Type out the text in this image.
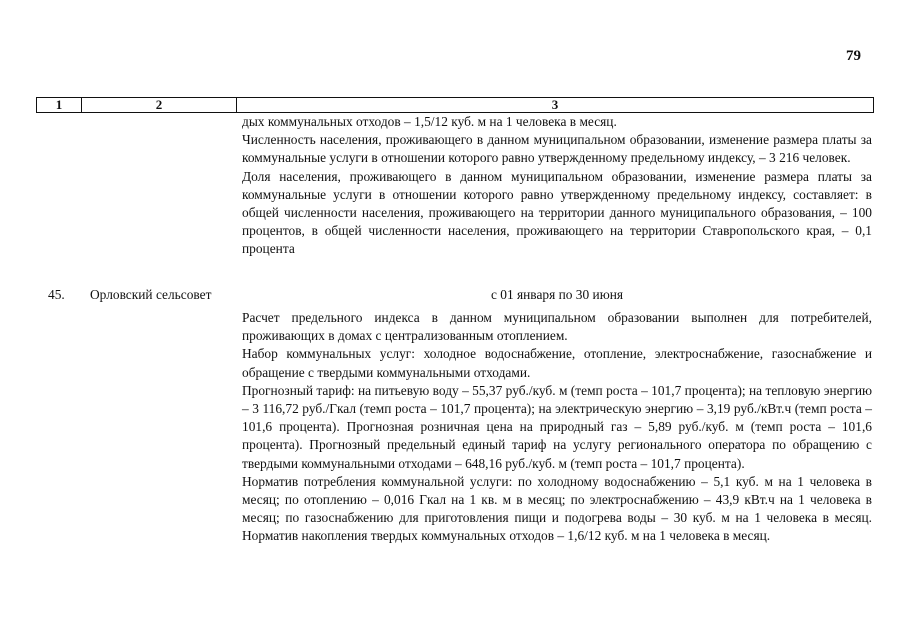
79
1	2	3

дых коммунальных отходов – 1,5/12 куб. м на 1 человека в месяц.

Численность населения, проживающего в данном муниципальном образовании, изменение размера платы за коммунальные услуги в отношении которого равно утвержденному предельному индексу, – 3 216 человек.

Доля населения, проживающего в данном муниципальном образовании, изменение размера платы за коммунальные услуги в отношении которого равно утвержденному предельному индексу, составляет: в общей численности населения, проживающего на территории данного муниципального образования, – 100 процентов, в общей численности населения, проживающего на территории Ставропольского края, – 0,1 процента

45. Орловский сельсовет	с 01 января по 30 июня

Расчет предельного индекса в данном муниципальном образовании выполнен для потребителей, проживающих в домах с централизованным отоплением.

Набор коммунальных услуг: холодное водоснабжение, отопление, электроснабжение, газоснабжение и обращение с твердыми коммунальными отходами.

Прогнозный тариф: на питьевую воду – 55,37 руб./куб. м (темп роста – 101,7 процента); на тепловую энергию – 3 116,72 руб./Гкал (темп роста – 101,7 процента); на электрическую энергию – 3,19 руб./кВт.ч (темп роста – 101,6 процента). Прогнозная розничная цена на природный газ – 5,89 руб./куб. м (темп роста – 101,6 процента). Прогнозный предельный единый тариф на услугу регионального оператора по обращению с твердыми коммунальными отходами – 648,16 руб./куб. м (темп роста – 101,7 процента).

Норматив потребления коммунальной услуги: по холодному водоснабжению – 5,1 куб. м на 1 человека в месяц; по отоплению – 0,016 Гкал на 1 кв. м в месяц; по электроснабжению – 43,9 кВт.ч на 1 человека в месяц; по газоснабжению для приготовления пищи и подогрева воды – 30 куб. м на 1 человека в месяц. Норматив накопления твердых коммунальных отходов – 1,6/12 куб. м на 1 человека в месяц.
